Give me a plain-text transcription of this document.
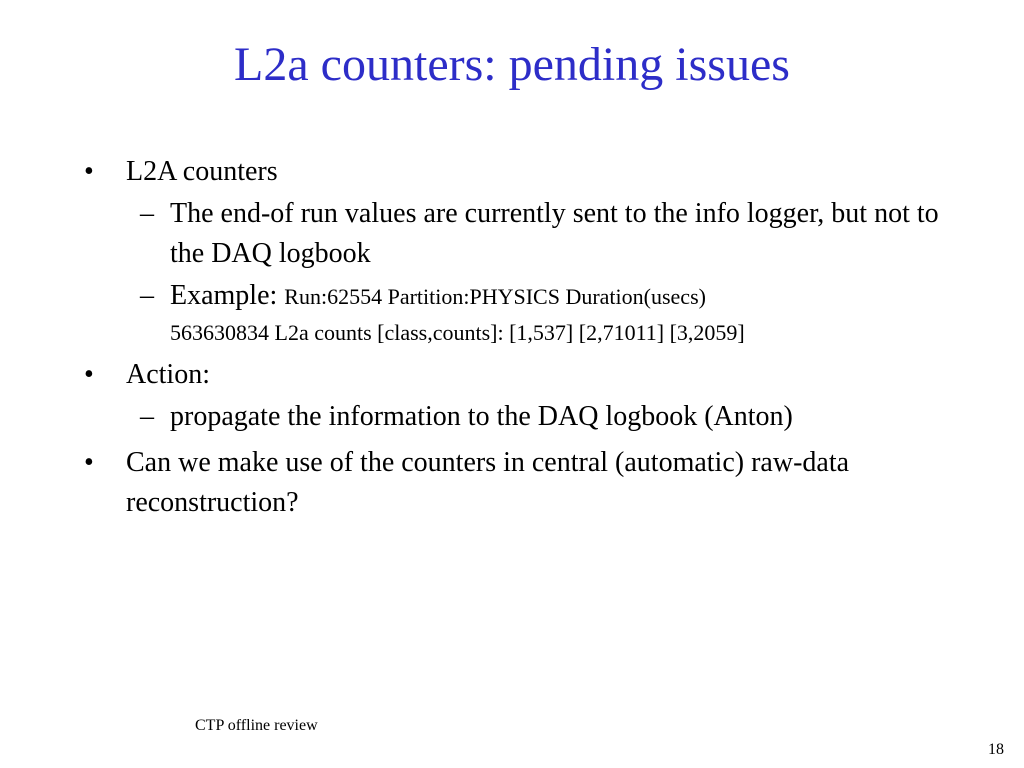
L2a counters: pending issues
• L2A counters
– The end-of run values are currently sent to the info logger, but not to the DAQ logbook
– Example: Run:62554 Partition:PHYSICS Duration(usecs)
563630834 L2a counts [class,counts]: [1,537] [2,71011] [3,2059]
• Action:
– propagate the information to the DAQ logbook (Anton)
• Can we make use of the counters in central (automatic) raw-data reconstruction?
CTP offline review
18
